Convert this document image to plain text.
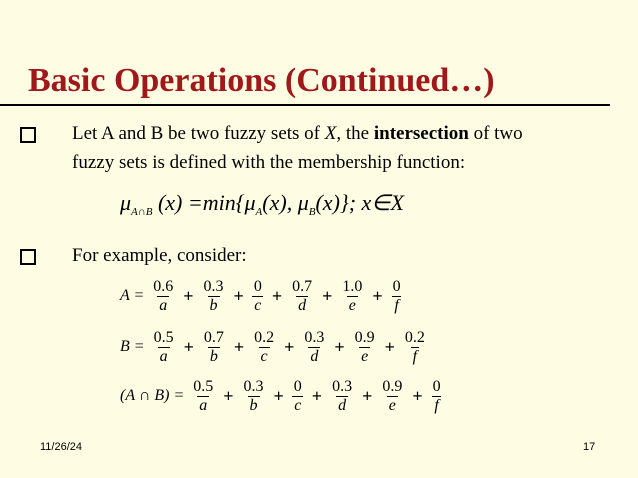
Basic Operations (Continued…)
Let A and B be two fuzzy sets of X, the intersection of two
fuzzy sets is defined with the membership function:
$\mu_{A\cap B}$ $(x) =\min\{\mu_A(x)$, $\mu_B(x)$}; x∈X
For example, consider:
$A = \frac{0.6}{a} + \frac{0.3}{b} + \frac{0}{c} + \frac{0.7}{d} + \frac{1.0}{e} + \frac{0}{f}$
$B = \frac{0.5}{a} + \frac{0.7}{b} + \frac{0.2}{c} + \frac{0.3}{d} + \frac{0.9}{e} + \frac{0.2}{f}$
(A ∩ $B) = \frac{0.5}{a} + \frac{0.3}{b} + \frac{0}{c} + \frac{0.3}{d} + \frac{0.9}{e} + \frac{0}{f}$
11/26/24	17
